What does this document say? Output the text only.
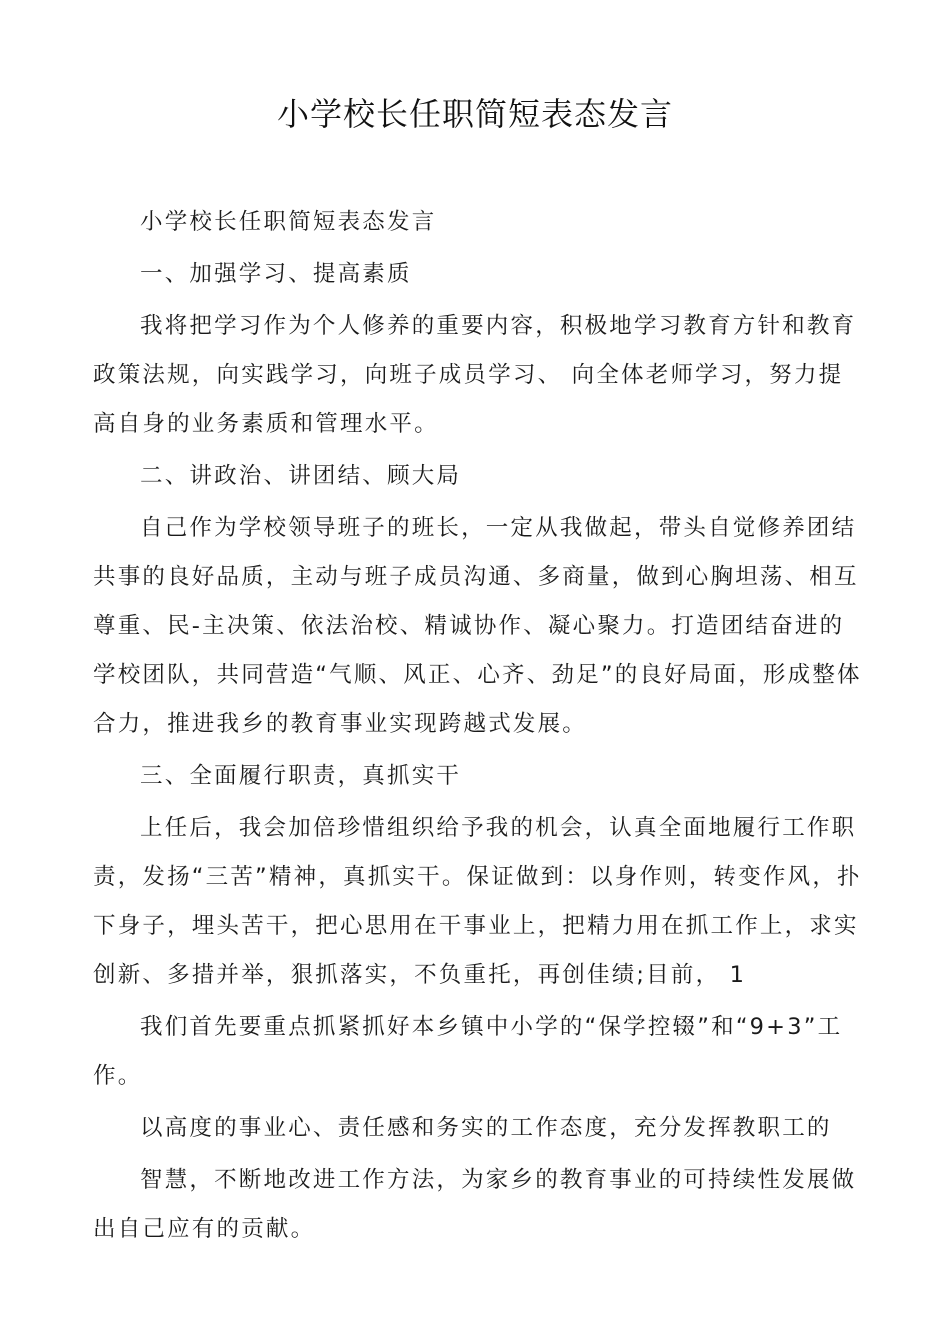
小学校长任职简短表态发言

小学校长任职简短表态发言

一、加强学习、提高素质

我将把学习作为个人修养的重要内容，积极地学习教育方针和教育政策法规，向实践学习，向班子成员学习、 向全体老师学习，努力提高自身的业务素质和管理水平。

二、讲政治、讲团结、顾大局

自己作为学校领导班子的班长，一定从我做起，带头自觉修养团结共事的良好品质，主动与班子成员沟通、多商量，做到心胸坦荡、相互尊重、民-主决策、依法治校、精诚协作、凝心聚力。打造团结奋进的学校团队，共同营造“气顺、风正、心齐、劲足”的良好局面，形成整体合力，推进我乡的教育事业实现跨越式发展。

三、全面履行职责，真抓实干

上任后，我会加倍珍惜组织给予我的机会，认真全面地履行工作职责，发扬“三苦”精神，真抓实干。保证做到：以身作则，转变作风，扑下身子，埋头苦干，把心思用在干事业上，把精力用在抓工作上，求实创新、多措并举，狠抓落实，不负重托，再创佳绩;目前， 1

我们首先要重点抓紧抓好本乡镇中小学的“保学控辍”和“9+3”工作。

以高度的事业心、责任感和务实的工作态度，充分发挥教职工的

智慧，不断地改进工作方法，为家乡的教育事业的可持续性发展做出自己应有的贡献。
